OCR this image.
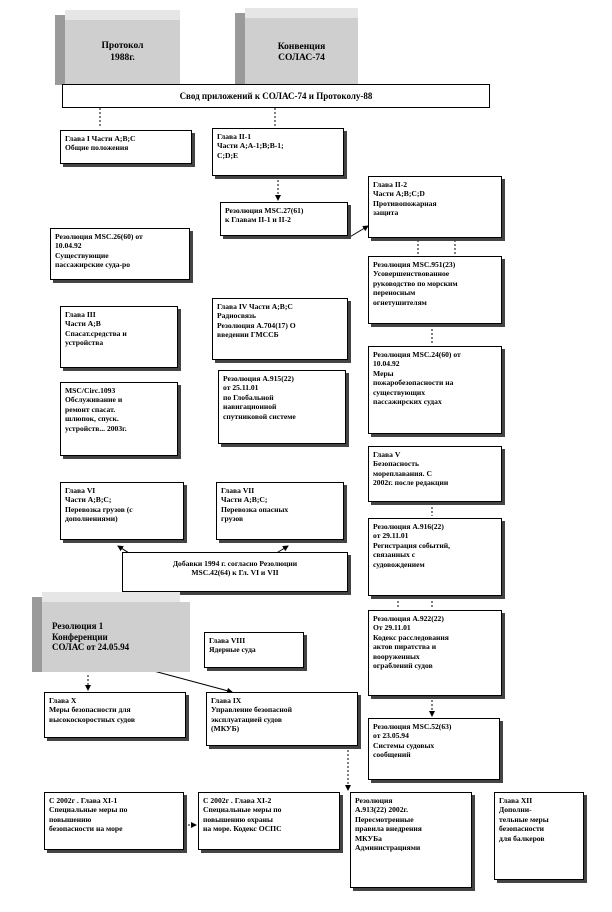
Протокол
1988г.
Конвенция
СОЛАС-74
Свод приложений к СОЛАС-74 и Протоколу-88
Глава I Части А;В;С
Общие положения
Глава II-1
Части А;А-1;В;В-1;
С;D;Е
Резолюция MSC.27(61)
к Главам II-1 и II-2
Глава II-2
Части А;В;С;D
Противопожарная
защита
Резолюция MSC.26(60) от
10.04.92
Существующие
пассажирские суда-ро	Резолюция MSC.951(23)
Усовершенствованное
руководство по морским
переносным
огнетушителям
Глава III
Части А;В
Спасат.средства и
устройства
Глава IV Части А;В;С
Радиосвязь
Резолюция А.704(17) О
введении ГМССБ
Резолюция MSC.24(60) от
10.04.92
Меры
пожаробезопасности на
существующих
пассажирских судах
MSC/Circ.1093
Обслуживание и
ремонт спасат.
шлюпок, спуск.
устройств... 2003г.
Резолюция А.915(22)
от 25.11.01
по Глобальной
навигационной
спутниковой системе
Глава V
Безопасность
мореплавания. С
2002г. после редакции
Глава VI
Части А;В;С;
Перевозка грузов (с
дополнениями)
Глава VII
Части А;В;С;
Перевозка опасных
грузов
Резолюция А.916(22)
от 29.11.01
Регистрация событий,
связанных с
судовождением
Добавки 1994 г. согласно Резолюции
MSC.42(64) к Гл. VI и VII
Глава VIII
Ядерные суда
Резолюция А.922(22)
От 29.11.01
Кодекс расследования
актов пиратства и
вооруженных
ограблений судов
Резолюция 1
Конференции
СОЛАС от 24.05.94
Глава X
Меры безопасности для
высокоскоростных судов
Глава IX
Управление безопасной
эксплуатацией судов
(МКУБ)	Резолюция MSC.52(63)
от 23.05.94
Системы судовых
сообщений
С 2002г . Глава XI-1
Специальные меры по
повышению
безопасности на море
С 2002г . Глава XI-2
Специальные меры по
повышению охраны
на море. Кодекс ОСПС
Резолюция
А.913(22) 2002г.
Пересмотренные
правила внедрения
МКУБа
Администрациями
Глава XII
Дополни-
тельные меры
безопасности
для балкеров
